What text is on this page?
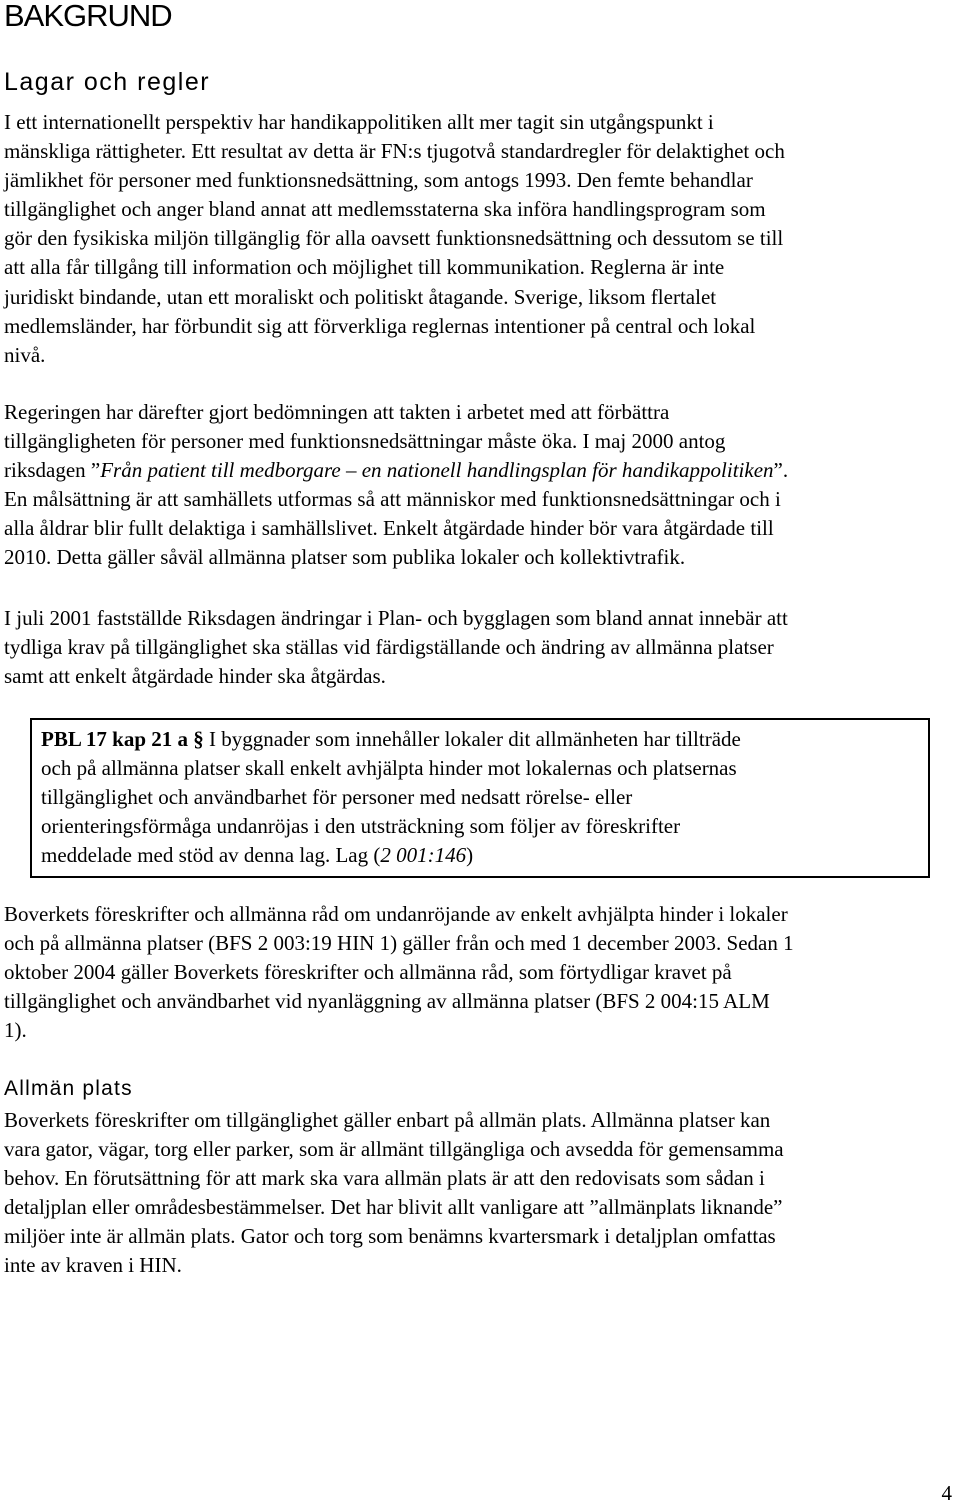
BAKGRUND
Lagar och regler
I ett internationellt perspektiv har handikappolitiken allt mer tagit sin utgångspunkt i
mänskliga rättigheter. Ett resultat av detta är FN:s tjugotvå standardregler för delaktighet och
jämlikhet för personer med funktionsnedsättning, som antogs 1993. Den femte behandlar
tillgänglighet och anger bland annat att medlemsstaterna ska införa handlingsprogram som
gör den fysikiska miljön tillgänglig för alla oavsett funktionsnedsättning och dessutom se till
att alla får tillgång till information och möjlighet till kommunikation. Reglerna är inte
juridiskt bindande, utan ett moraliskt och politiskt åtagande. Sverige, liksom flertalet
medlemsländer, har förbundit sig att förverkliga reglernas intentioner på central och lokal
nivå.
Regeringen har därefter gjort bedömningen att takten i arbetet med att förbättra
tillgängligheten för personer med funktionsnedsättningar måste öka. I maj 2000 antog
riksdagen ”Från patient till medborgare – en nationell handlingsplan för handikappolitiken”.
En målsättning är att samhällets utformas så att människor med funktionsnedsättningar och i
alla åldrar blir fullt delaktiga i samhällslivet. Enkelt åtgärdade hinder bör vara åtgärdade till
2010. Detta gäller såväl allmänna platser som publika lokaler och kollektivtrafik.
I juli 2001 fastställde Riksdagen ändringar i Plan- och bygglagen som bland annat innebär att
tydliga krav på tillgänglighet ska ställas vid färdigställande och ändring av allmänna platser
samt att enkelt åtgärdade hinder ska åtgärdas.
PBL 17 kap 21 a § I byggnader som innehåller lokaler dit allmänheten har tillträde
och på allmänna platser skall enkelt avhjälpta hinder mot lokalernas och platsernas
tillgänglighet och användbarhet för personer med nedsatt rörelse- eller
orienteringsförmåga undanröjas i den utsträckning som följer av föreskrifter
meddelade med stöd av denna lag. Lag (2 001:146)
Boverkets föreskrifter och allmänna råd om undanröjande av enkelt avhjälpta hinder i lokaler
och på allmänna platser (BFS 2 003:19 HIN 1) gäller från och med 1 december 2003. Sedan 1
oktober 2004 gäller Boverkets föreskrifter och allmänna råd, som förtydligar kravet på
tillgänglighet och användbarhet vid nyanläggning av allmänna platser (BFS 2 004:15 ALM
1).
Allmän plats
Boverkets föreskrifter om tillgänglighet gäller enbart på allmän plats. Allmänna platser kan
vara gator, vägar, torg eller parker, som är allmänt tillgängliga och avsedda för gemensamma
behov. En förutsättning för att mark ska vara allmän plats är att den redovisats som sådan i
detaljplan eller områdesbestämmelser. Det har blivit allt vanligare att ”allmänplats liknande”
miljöer inte är allmän plats. Gator och torg som benämns kvartersmark i detaljplan omfattas
inte av kraven i HIN.
4
